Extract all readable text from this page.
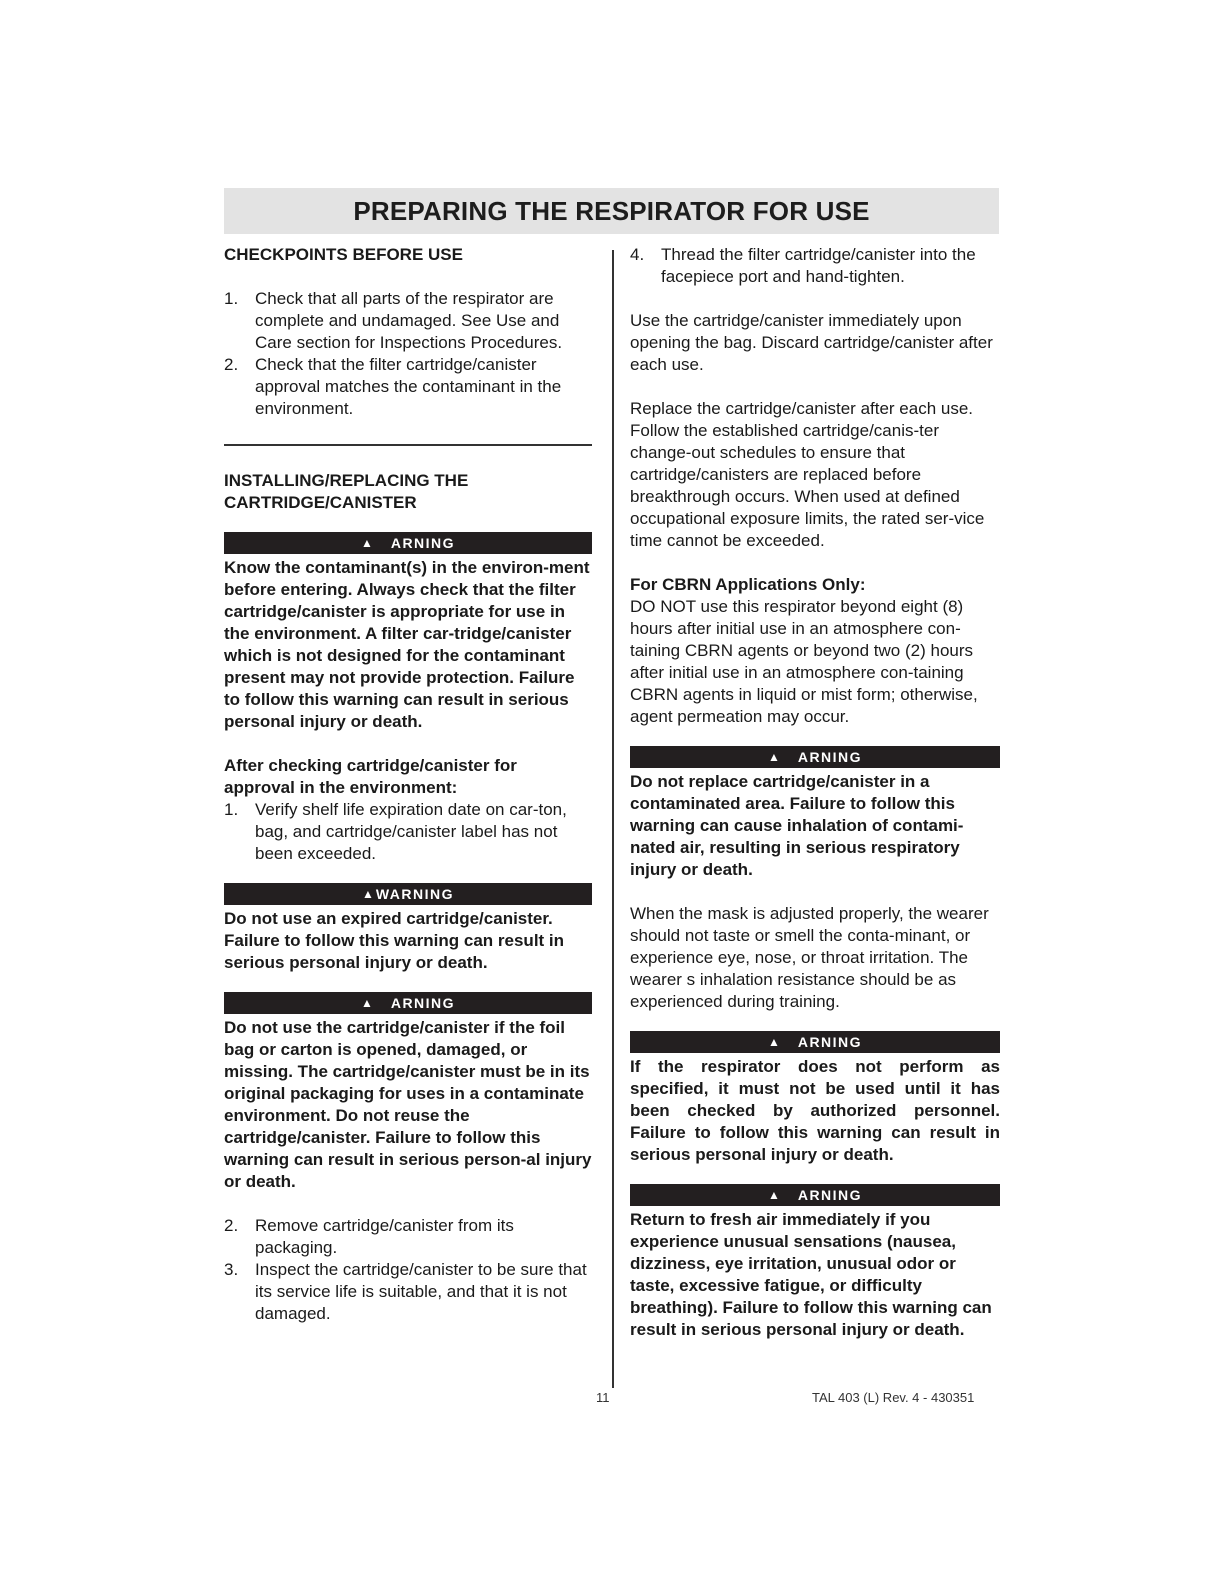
PREPARING THE RESPIRATOR FOR USE
CHECKPOINTS BEFORE USE
1. Check that all parts of the respirator are complete and undamaged. See Use and Care section for Inspections Procedures.
2. Check that the filter cartridge/canister approval matches the contaminant in the environment.
INSTALLING/REPLACING THE
CARTRIDGE/CANISTER
▲ ARNING

Know the contaminant(s) in the environ-ment before entering. Always check that the filter cartridge/canister is appropriate for use in the environment. A filter car-tridge/canister which is not designed for the contaminant present may not provide protection. Failure to follow this warning can result in serious personal injury or death.

After checking cartridge/canister for approval in the environment:

1. Verify shelf life expiration date on car-ton, bag, and cartridge/canister label has not been exceeded.
▲ WARNING

Do not use an expired cartridge/canister. Failure to follow this warning can result in serious personal injury or death.

▲ ARNING

Do not use the cartridge/canister if the foil bag or carton is opened, damaged, or missing. The cartridge/canister must be in its original packaging for uses in a contaminate environment. Do not reuse the cartridge/canister. Failure to follow this warning can result in serious person-al injury or death.

2. Remove cartridge/canister from its packaging.
3. Inspect the cartridge/canister to be sure that its service life is suitable, and that it is not damaged.
4. Thread the filter cartridge/canister into the facepiece port and hand-tighten.

Use the cartridge/canister immediately upon opening the bag. Discard cartridge/canister after each use.

Replace the cartridge/canister after each use. Follow the established cartridge/canis-ter change-out schedules to ensure that cartridge/canisters are replaced before breakthrough occurs. When used at defined occupational exposure limits, the rated ser-vice time cannot be exceeded.

For CBRN Applications Only:

DO NOT use this respirator beyond eight (8) hours after initial use in an atmosphere con-taining CBRN agents or beyond two (2) hours after initial use in an atmosphere con-taining CBRN agents in liquid or mist form; otherwise, agent permeation may occur.

▲ ARNING

Do not replace cartridge/canister in a contaminated area. Failure to follow this warning can cause inhalation of contami-nated air, resulting in serious respiratory injury or death.

When the mask is adjusted properly, the wearer should not taste or smell the conta-minant, or experience eye, nose, or throat irritation. The wearer s inhalation resistance should be as experienced during training.

▲ ARNING

If the respirator does not perform as specified, it must not be used until it has been checked by authorized personnel. Failure to follow this warning can result in serious personal injury or death.

▲ ARNING

Return to fresh air immediately if you experience unusual sensations (nausea, dizziness, eye irritation, unusual odor or taste, excessive fatigue, or difficulty breathing). Failure to follow this warning can result in serious personal injury or death.

11	TAL 403 (L) Rev. 4 - 430351
